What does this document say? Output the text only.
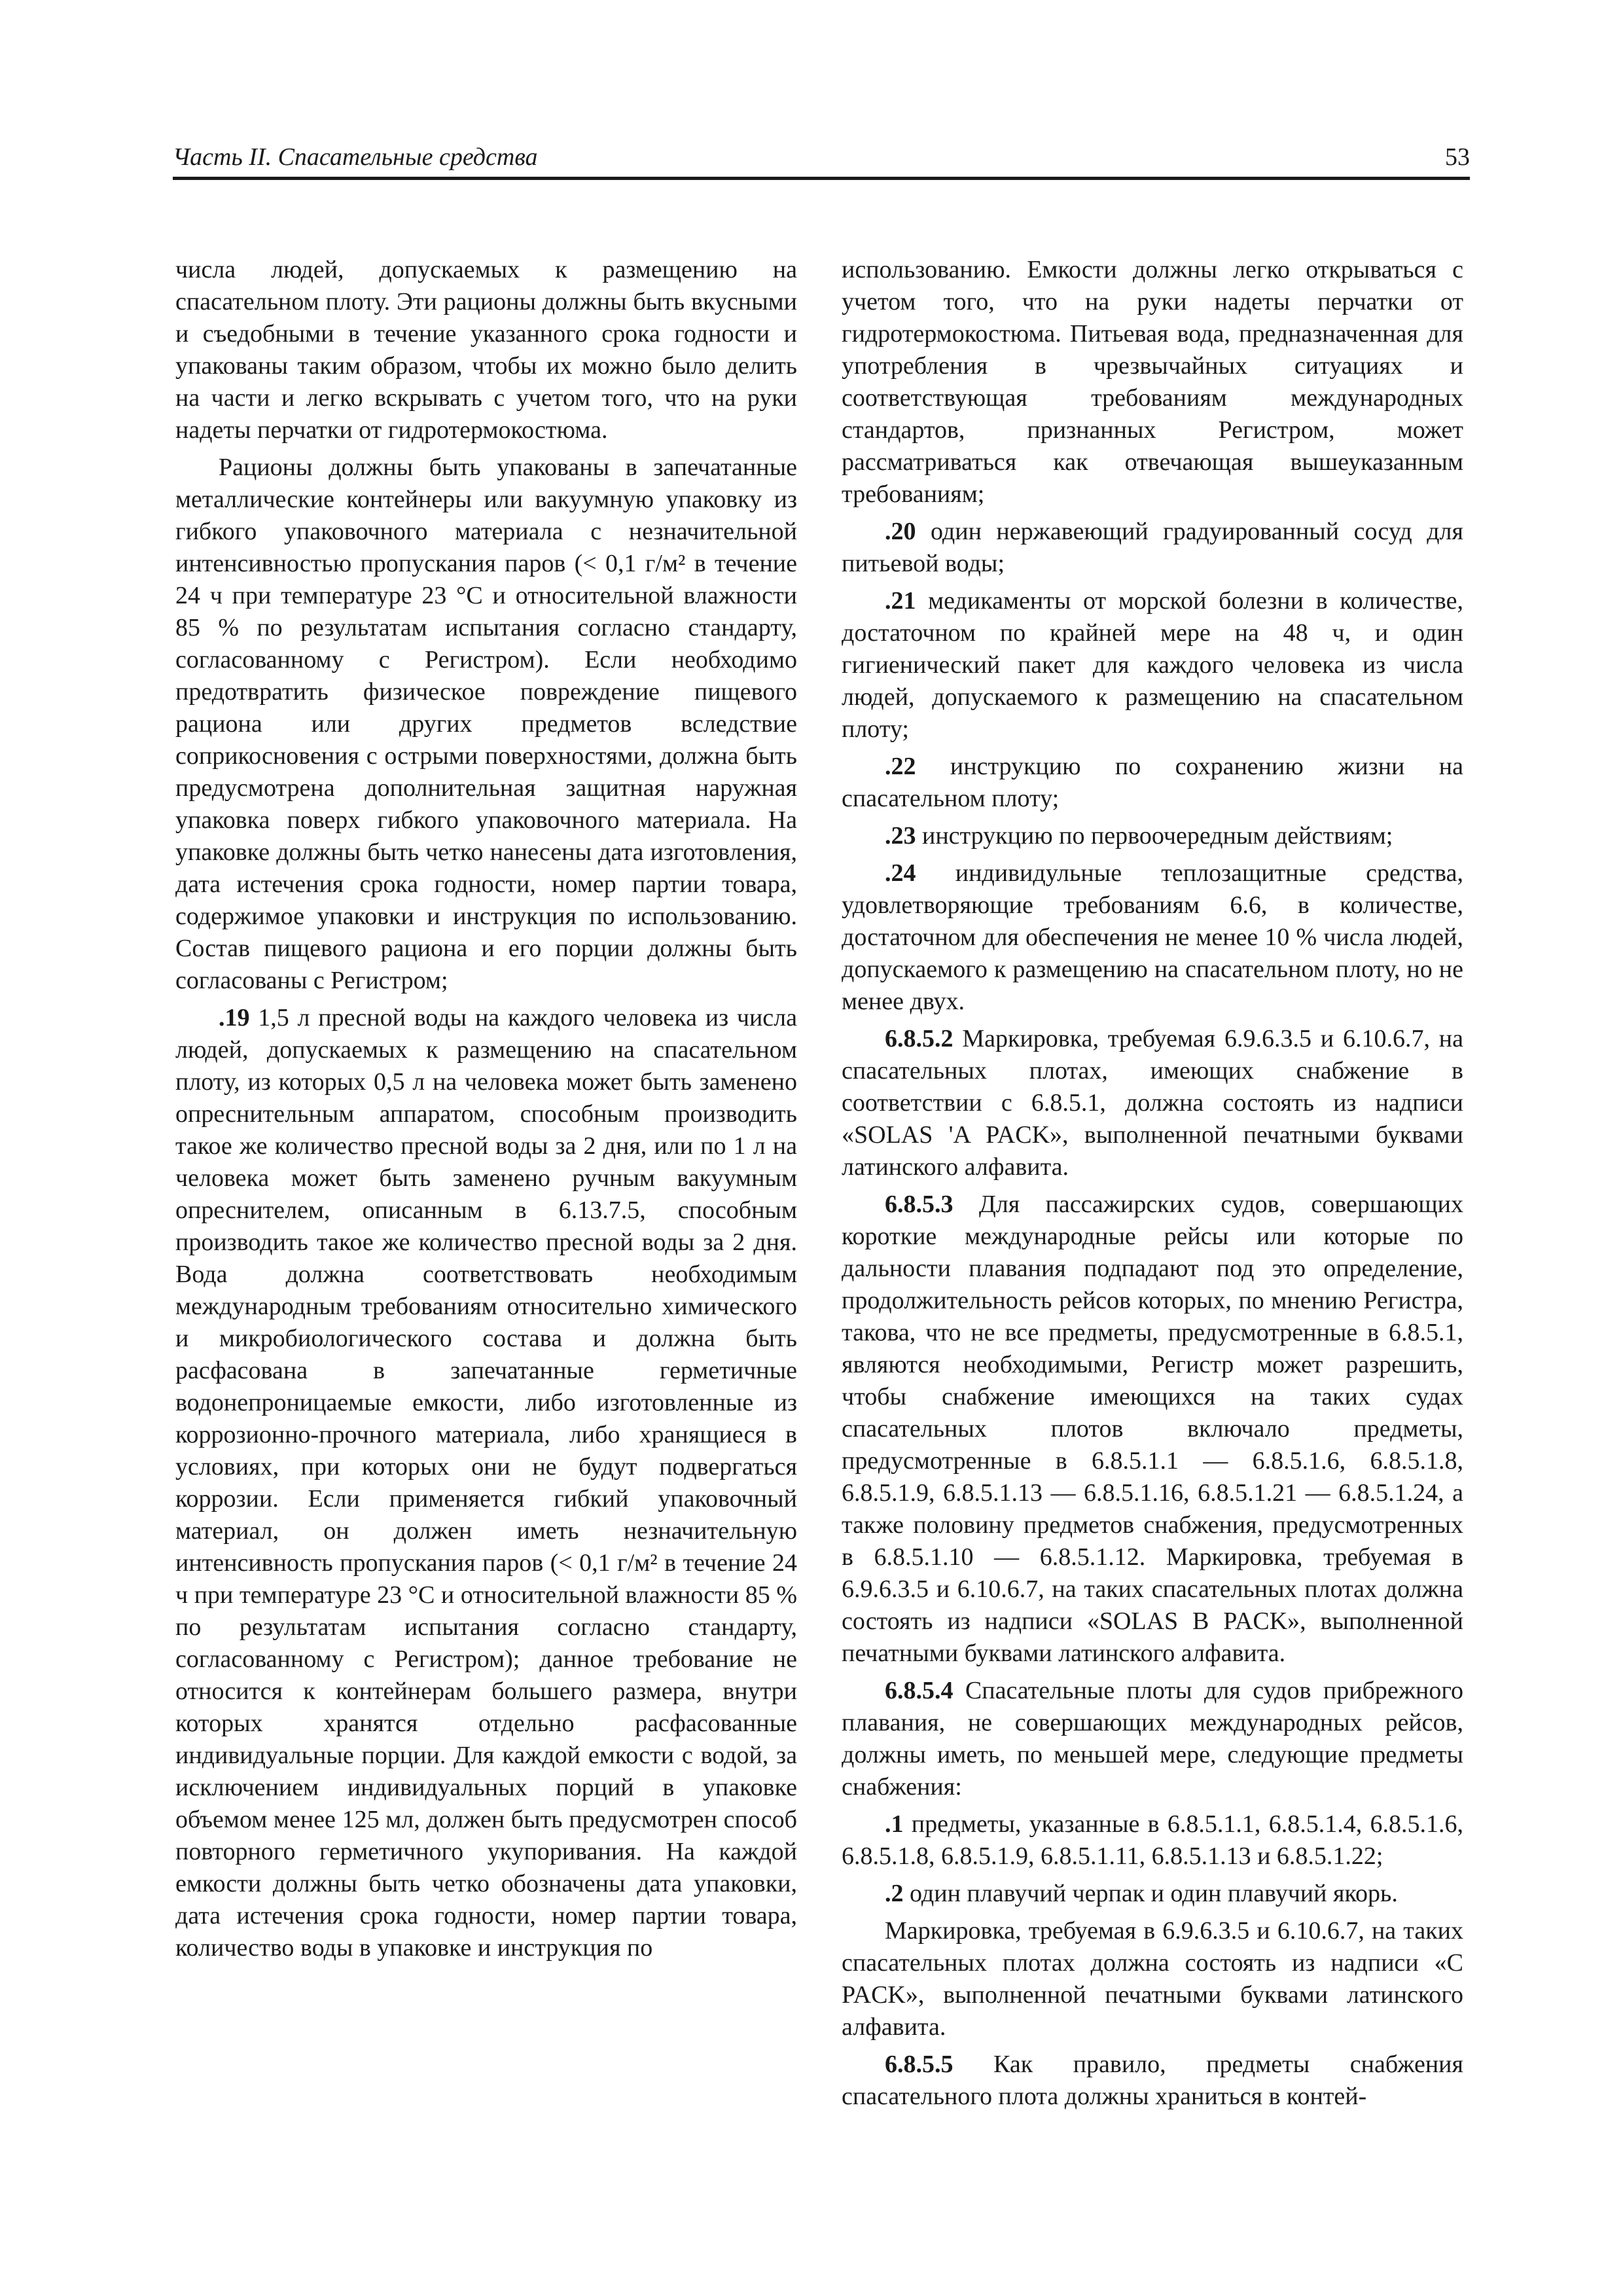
Часть II. Спасательные средства	53

числа людей, допускаемых к размещению на спасательном плоту. Эти рационы должны быть вкусными и съедобными в течение указанного срока годности и упакованы таким образом, чтобы их можно было делить на части и легко вскрывать с учетом того, что на руки надеты перчатки от гидротермокостюма.

Рационы должны быть упакованы в запечатанные металлические контейнеры или вакуумную упаковку из гибкого упаковочного материала с незначительной интенсивностью пропускания паров (< 0,1 г/м² в течение 24 ч при температуре 23 °С и относительной влажности 85 % по результатам испытания согласно стандарту, согласованному с Регистром). Если необходимо предотвратить физическое повреждение пищевого рациона или других предметов вследствие соприкосновения с острыми поверхностями, должна быть предусмотрена дополнительная защитная наружная упаковка поверх гибкого упаковочного материала. На упаковке должны быть четко нанесены дата изготовления, дата истечения срока годности, номер партии товара, содержимое упаковки и инструкция по использованию. Состав пищевого рациона и его порции должны быть согласованы с Регистром;

.19 1,5 л пресной воды на каждого человека из числа людей, допускаемых к размещению на спасательном плоту, из которых 0,5 л на человека может быть заменено опреснительным аппаратом, способным производить такое же количество пресной воды за 2 дня, или по 1 л на человека может быть заменено ручным вакуумным опреснителем, описанным в 6.13.7.5, способным производить такое же количество пресной воды за 2 дня. Вода должна соответствовать необходимым международным требованиям относительно химического и микробиологического состава и должна быть расфасована в запечатанные герметичные водонепроницаемые емкости, либо изготовленные из коррозионно-прочного материала, либо хранящиеся в условиях, при которых они не будут подвергаться коррозии. Если применяется гибкий упаковочный материал, он должен иметь незначительную интенсивность пропускания паров (< 0,1 г/м² в течение 24 ч при температуре 23 °С и относительной влажности 85 % по результатам испытания согласно стандарту, согласованному с Регистром); данное требование не относится к контейнерам большего размера, внутри которых хранятся отдельно расфасованные индивидуальные порции. Для каждой емкости с водой, за исключением индивидуальных порций в упаковке объемом менее 125 мл, должен быть предусмотрен способ повторного герметичного укупоривания. На каждой емкости должны быть четко обозначены дата упаковки, дата истечения срока годности, номер партии товара, количество воды в упаковке и инструкция по

использованию. Емкости должны легко открываться с учетом того, что на руки надеты перчатки от гидротермокостюма. Питьевая вода, предназначенная для употребления в чрезвычайных ситуациях и соответствующая требованиям международных стандартов, признанных Регистром, может рассматриваться как отвечающая вышеуказанным требованиям;

.20 один нержавеющий градуированный сосуд для питьевой воды;

.21 медикаменты от морской болезни в количестве, достаточном по крайней мере на 48 ч, и один гигиенический пакет для каждого человека из числа людей, допускаемого к размещению на спасательном плоту;

.22 инструкцию по сохранению жизни на спасательном плоту;

.23 инструкцию по первоочередным действиям;

.24 индивидульные теплозащитные средства, удовлетворяющие требованиям 6.6, в количестве, достаточном для обеспечения не менее 10 % числа людей, допускаемого к размещению на спасательном плоту, но не менее двух.

6.8.5.2 Маркировка, требуемая 6.9.6.3.5 и 6.10.6.7, на спасательных плотах, имеющих снабжение в соответствии с 6.8.5.1, должна состоять из надписи «SOLAS 'A PACK», выполненной печатными буквами латинского алфавита.

6.8.5.3 Для пассажирских судов, совершающих короткие международные рейсы или которые по дальности плавания подпадают под это определение, продолжительность рейсов которых, по мнению Регистра, такова, что не все предметы, предусмотренные в 6.8.5.1, являются необходимыми, Регистр может разрешить, чтобы снабжение имеющихся на таких судах спасательных плотов включало предметы, предусмотренные в 6.8.5.1.1 — 6.8.5.1.6, 6.8.5.1.8, 6.8.5.1.9, 6.8.5.1.13 — 6.8.5.1.16, 6.8.5.1.21 — 6.8.5.1.24, а также половину предметов снабжения, предусмотренных в 6.8.5.1.10 — 6.8.5.1.12. Маркировка, требуемая в 6.9.6.3.5 и 6.10.6.7, на таких спасательных плотах должна состоять из надписи «SOLAS B PACK», выполненной печатными буквами латинского алфавита.

6.8.5.4 Спасательные плоты для судов прибрежного плавания, не совершающих международных рейсов, должны иметь, по меньшей мере, следующие предметы снабжения:

.1 предметы, указанные в 6.8.5.1.1, 6.8.5.1.4, 6.8.5.1.6, 6.8.5.1.8, 6.8.5.1.9, 6.8.5.1.11, 6.8.5.1.13 и 6.8.5.1.22;

.2 один плавучий черпак и один плавучий якорь.

Маркировка, требуемая в 6.9.6.3.5 и 6.10.6.7, на таких спасательных плотах должна состоять из надписи «С PACK», выполненной печатными буквами латинского алфавита.

6.8.5.5 Как правило, предметы снабжения спасательного плота должны храниться в контей-
